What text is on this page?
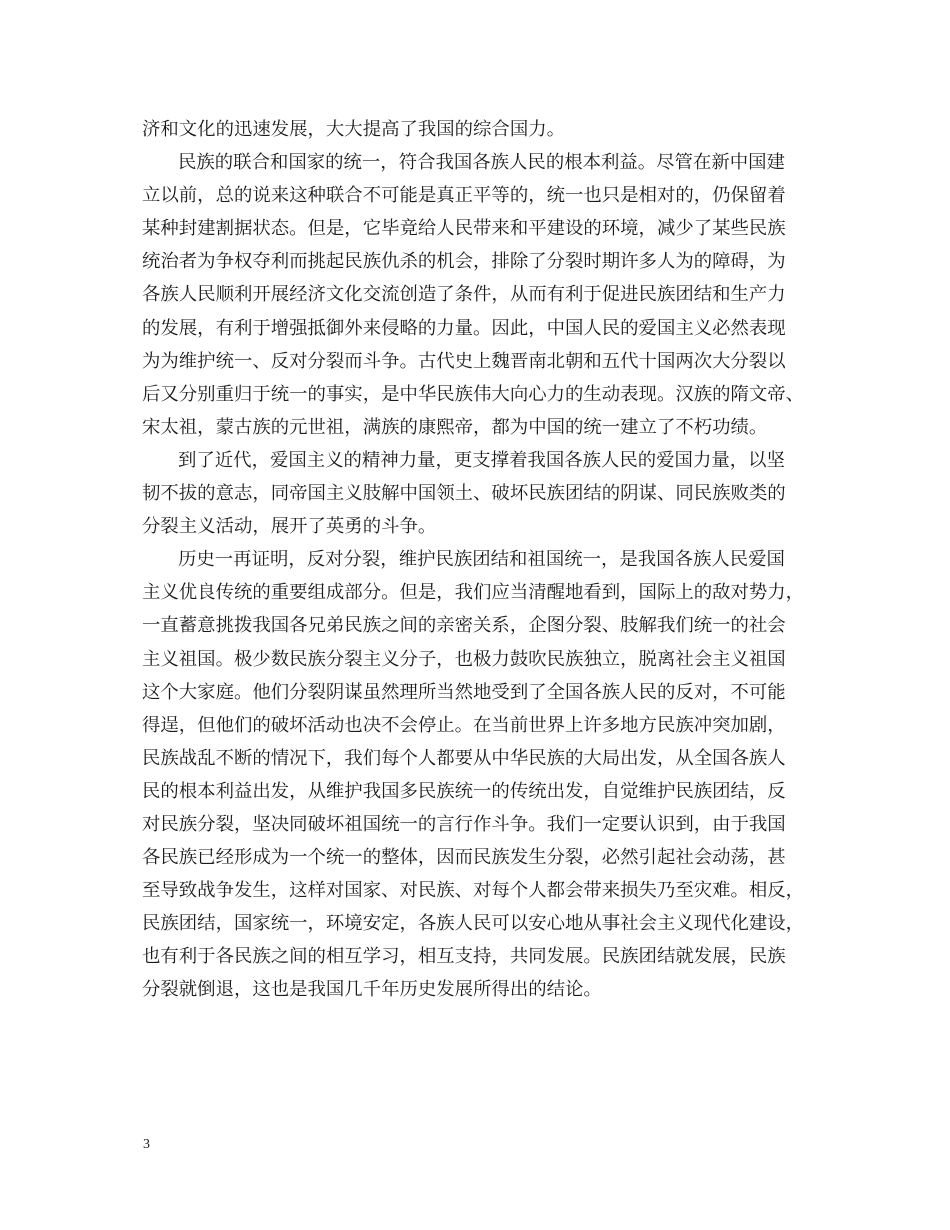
济和文化的迅速发展，大大提高了我国的综合国力。
民族的联合和国家的统一，符合我国各族人民的根本利益。尽管在新中国建
立以前，总的说来这种联合不可能是真正平等的，统一也只是相对的，仍保留着
某种封建割据状态。但是，它毕竟给人民带来和平建设的环境，减少了某些民族
统治者为争权夺利而挑起民族仇杀的机会，排除了分裂时期许多人为的障碍，为
各族人民顺利开展经济文化交流创造了条件，从而有利于促进民族团结和生产力
的发展，有利于增强抵御外来侵略的力量。因此，中国人民的爱国主义必然表现
为为维护统一、反对分裂而斗争。古代史上魏晋南北朝和五代十国两次大分裂以
后又分别重归于统一的事实，是中华民族伟大向心力的生动表现。汉族的隋文帝、
宋太祖，蒙古族的元世祖，满族的康熙帝，都为中国的统一建立了不朽功绩。
到了近代，爱国主义的精神力量，更支撑着我国各族人民的爱国力量，以坚
韧不拔的意志，同帝国主义肢解中国领土、破坏民族团结的阴谋、同民族败类的
分裂主义活动，展开了英勇的斗争。
历史一再证明，反对分裂，维护民族团结和祖国统一，是我国各族人民爱国
主义优良传统的重要组成部分。但是，我们应当清醒地看到，国际上的敌对势力，
一直蓄意挑拨我国各兄弟民族之间的亲密关系，企图分裂、肢解我们统一的社会
主义祖国。极少数民族分裂主义分子，也极力鼓吹民族独立，脱离社会主义祖国
这个大家庭。他们分裂阴谋虽然理所当然地受到了全国各族人民的反对，不可能
得逞，但他们的破坏活动也决不会停止。在当前世界上许多地方民族冲突加剧，
民族战乱不断的情况下，我们每个人都要从中华民族的大局出发，从全国各族人
民的根本利益出发，从维护我国多民族统一的传统出发，自觉维护民族团结，反
对民族分裂，坚决同破坏祖国统一的言行作斗争。我们一定要认识到，由于我国
各民族已经形成为一个统一的整体，因而民族发生分裂，必然引起社会动荡，甚
至导致战争发生，这样对国家、对民族、对每个人都会带来损失乃至灾难。相反，
民族团结，国家统一，环境安定，各族人民可以安心地从事社会主义现代化建设，
也有利于各民族之间的相互学习，相互支持，共同发展。民族团结就发展，民族
分裂就倒退，这也是我国几千年历史发展所得出的结论。
3
